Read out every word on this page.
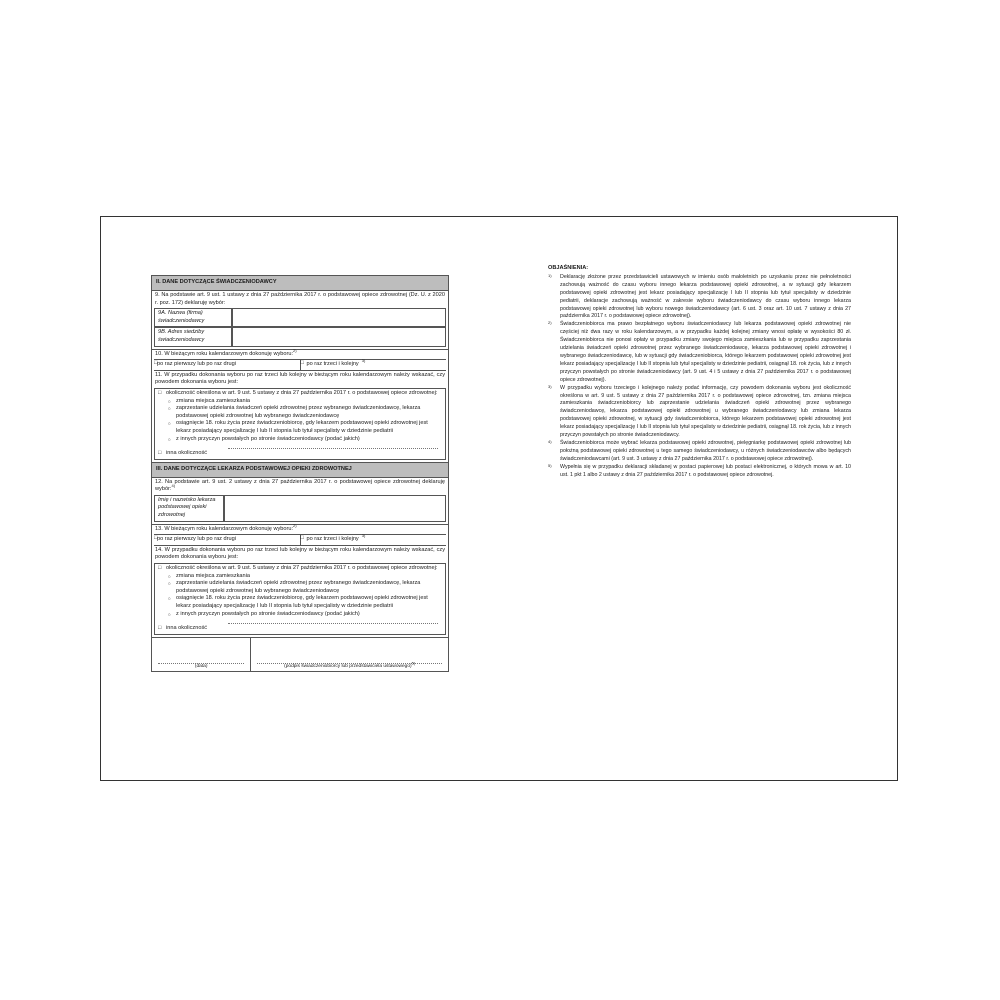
II. DANE DOTYCZĄCE ŚWIADCZENIODAWCY
9. Na podstawie art. 9 ust. 1 ustawy z dnia 27 października 2017 r. o podstawowej opiece zdrowotnej (Dz. U. z 2020 r. poz. 172) deklaruję wybór:
9A. Nazwa (firma) świadczeniodawcy
9B. Adres siedziby świadczeniodawcy
10. W bieżącym roku kalendarzowym dokonuję wyboru:$^{2)}$
□ po raz pierwszy lub po raz drugi	□ po raz trzeci i kolejny$^{3)}$
11. W przypadku dokonania wyboru po raz trzeci lub kolejny w bieżącym roku kalendarzowym należy wskazać, czy powodem dokonania wyboru jest:
□ okoliczność określona w art. 9 ust. 5 ustawy z dnia 27 października 2017 r. o podstawowej opiece zdrowotnej:
○ zmiana miejsca zamieszkania
○ zaprzestanie udzielania świadczeń opieki zdrowotnej przez wybranego świadczeniodawcę, lekarza podstawowej opieki zdrowotnej lub wybranego świadczeniodawcę
○ osiągnięcie 18. roku życia przez świadczeniobiorcę, gdy lekarzem podstawowej opieki zdrowotnej jest lekarz posiadający specjalizację I lub II stopnia lub tytuł specjalisty w dziedzinie pediatrii
○ z innych przyczyn powstałych po stronie świadczeniodawcy (podać jakich)
□ inna okoliczność
III. DANE DOTYCZĄCE LEKARZA PODSTAWOWEJ OPIEKI ZDROWOTNEJ
12. Na podstawie art. 9 ust. 2 ustawy z dnia 27 października 2017 r. o podstawowej opiece zdrowotnej deklaruję wybór:$^{4)}$
Imię i nazwisko lekarza podstawowej opieki zdrowotnej
13. W bieżącym roku kalendarzowym dokonuję wyboru:$^{2)}$
□ po raz pierwszy lub po raz drugi	□ po raz trzeci i kolejny$^{3)}$
14. W przypadku dokonania wyboru po raz trzeci lub kolejny w bieżącym roku kalendarzowym należy wskazać, czy powodem dokonania wyboru jest:
□ okoliczność określona w art. 9 ust. 5 ustawy z dnia 27 października 2017 r. o podstawowej opiece zdrowotnej:
○ zmiana miejsca zamieszkania
○ zaprzestanie udzielania świadczeń opieki zdrowotnej przez wybranego świadczeniodawcę, lekarza podstawowej opieki zdrowotnej lub wybranego świadczeniodawcę
○ osiągnięcie 18. roku życia przez świadczeniobiorcę, gdy lekarzem podstawowej opieki zdrowotnej jest lekarz posiadający specjalizację I lub II stopnia lub tytuł specjalisty w dziedzinie pediatrii
○ z innych przyczyn powstałych po stronie świadczeniodawcy (podać jakich)
□ inna okoliczność
(data)	(podpis świadczeniobiorcy lub przedstawiciela ustawowego)$^{5)}$
OBJAŚNIENIA:
1) Deklarację złożone przez przedstawicieli ustawowych w imieniu osób małoletnich po uzyskaniu przez nie pełnoletności zachowują ważność do czasu wyboru innego lekarza podstawowej opieki zdrowotnej, a w sytuacji gdy lekarzem podstawowej opieki zdrowotnej jest lekarz posiadający specjalizację I lub II stopnia lub tytuł specjalisty w dziedzinie pediatrii, deklaracje zachowują ważność w zakresie wyboru świadczeniodawcy do czasu wyboru innego lekarza podstawowej opieki zdrowotnej lub wyboru nowego świadczeniodawcy (art. 6 ust. 3 oraz art. 10 ust. 7 ustawy z dnia 27 października 2017 r. o podstawowej opiece zdrowotnej).
2) Świadczeniobiorca ma prawo bezpłatnego wyboru świadczeniodawcy lub lekarza podstawowej opieki zdrowotnej nie częściej niż dwa razy w roku kalendarzowym, a w przypadku każdej kolejnej zmiany wnosi opłatę w wysokości 80 zł. Świadczeniobiorca nie ponosi opłaty w przypadku zmiany swojego miejsca zamieszkania lub w przypadku zaprzestania udzielania świadczeń opieki zdrowotnej przez wybranego świadczeniodawcę, lekarza podstawowej opieki zdrowotnej i wybranego świadczeniodawcę, lub w sytuacji gdy świadczeniobiorca, którego lekarzem podstawowej opieki zdrowotnej jest lekarz posiadający specjalizację I lub II stopnia lub tytuł specjalisty w dziedzinie pediatrii, osiągnął 18. rok życia, lub z innych przyczyn powstałych po stronie świadczeniodawcy (art. 9 ust. 4 i 5 ustawy z dnia 27 października 2017 r. o podstawowej opiece zdrowotnej).
3) W przypadku wyboru trzeciego i kolejnego należy podać informację, czy powodem dokonania wyboru jest okoliczność określona w art. 9 ust. 5 ustawy z dnia 27 października 2017 r. o podstawowej opiece zdrowotnej, tzn. zmiana miejsca zamieszkania świadczeniobiorcy lub zaprzestanie udzielania świadczeń opieki zdrowotnej przez wybranego świadczeniodawcę, lekarza podstawowej opieki zdrowotnej u wybranego świadczeniodawcy lub zmiana lekarza podstawowej opieki zdrowotnej, w sytuacji gdy świadczeniobiorca, którego lekarzem podstawowej opieki zdrowotnej jest lekarz posiadający specjalizację I lub II stopnia lub tytuł specjalisty w dziedzinie pediatrii, osiągnął 18. rok życia, lub z innych przyczyn powstałych po stronie świadczeniodawcy.
4) Świadczeniobiorca może wybrać lekarza podstawowej opieki zdrowotnej, pielęgniarkę podstawowej opieki zdrowotnej lub położną podstawowej opieki zdrowotnej u tego samego świadczeniodawcy, u różnych świadczeniodawców albo będących świadczeniodawcami (art. 9 ust. 3 ustawy z dnia 27 października 2017 r. o podstawowej opiece zdrowotnej).
5) Wypełnia się w przypadku deklaracji składanej w postaci papierowej lub postaci elektronicznej, o których mowa w art. 10 ust. 1 pkt 1 albo 2 ustawy z dnia 27 października 2017 r. o podstawowej opiece zdrowotnej.
